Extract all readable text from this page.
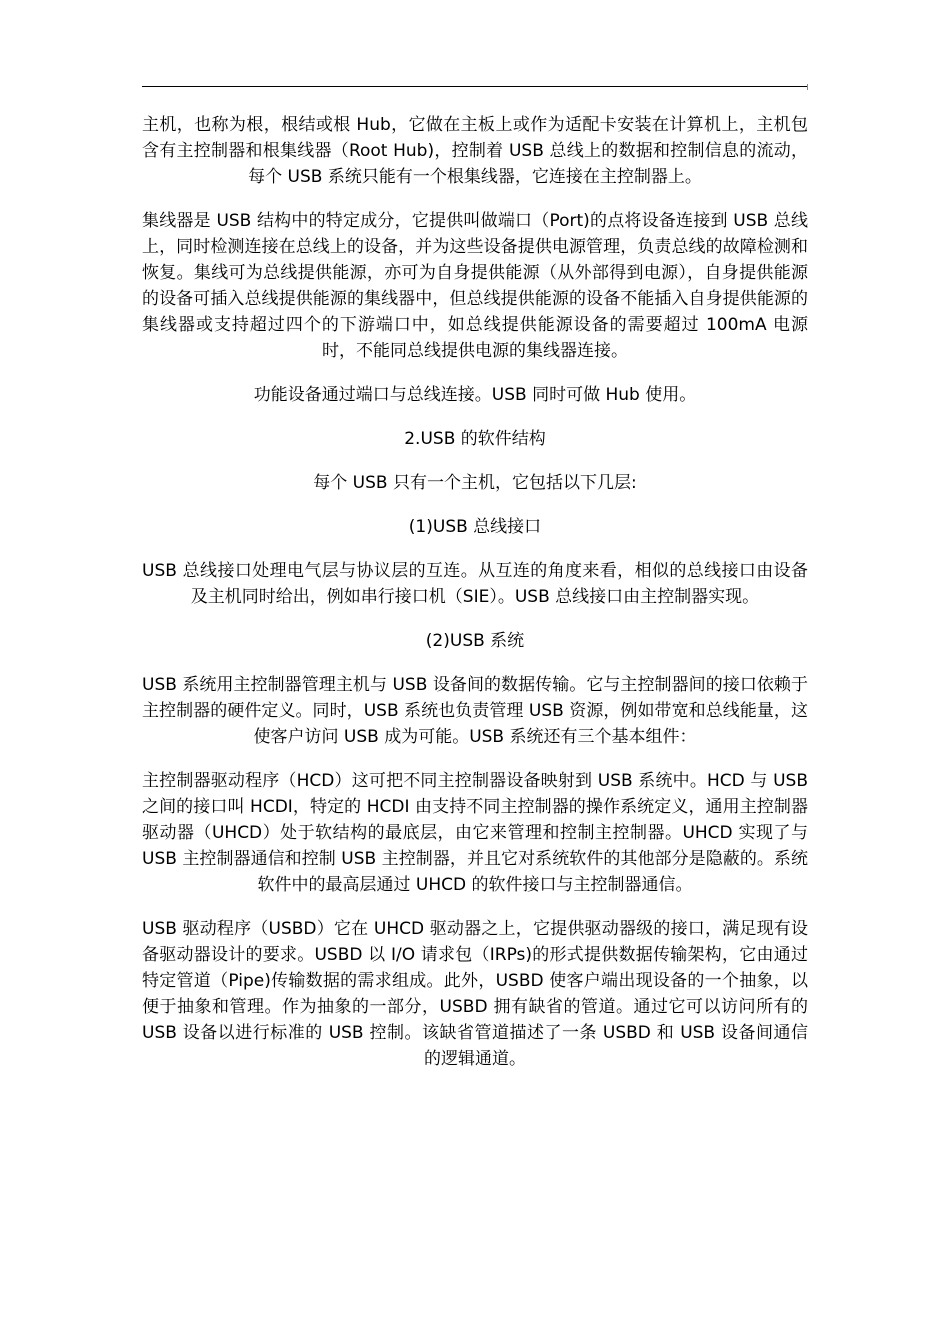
主机，也称为根，根结或根 Hub，它做在主板上或作为适配卡安装在计算机上，主机包含有主控制器和根集线器（Root Hub)，控制着 USB 总线上的数据和控制信息的流动，每个 USB 系统只能有一个根集线器，它连接在主控制器上。

集线器是 USB 结构中的特定成分，它提供叫做端口（Port)的点将设备连接到 USB 总线上，同时检测连接在总线上的设备，并为这些设备提供电源管理，负责总线的故障检测和恢复。集线可为总线提供能源，亦可为自身提供能源（从外部得到电源），自身提供能源的设备可插入总线提供能源的集线器中，但总线提供能源的设备不能插入自身提供能源的集线器或支持超过四个的下游端口中，如总线提供能源设备的需要超过 100mA 电源时，不能同总线提供电源的集线器连接。

功能设备通过端口与总线连接。USB 同时可做 Hub 使用。

2.USB 的软件结构

每个 USB 只有一个主机，它包括以下几层:

(1)USB 总线接口

USB 总线接口处理电气层与协议层的互连。从互连的角度来看，相似的总线接口由设备及主机同时给出，例如串行接口机（SIE）。USB 总线接口由主控制器实现。

(2)USB 系统

USB 系统用主控制器管理主机与 USB 设备间的数据传输。它与主控制器间的接口依赖于主控制器的硬件定义。同时，USB 系统也负责管理 USB 资源，例如带宽和总线能量，这使客户访问 USB 成为可能。USB 系统还有三个基本组件：

主控制器驱动程序（HCD）这可把不同主控制器设备映射到 USB 系统中。HCD 与 USB 之间的接口叫 HCDI，特定的 HCDI 由支持不同主控制器的操作系统定义，通用主控制器驱动器（UHCD）处于软结构的最底层，由它来管理和控制主控制器。UHCD 实现了与 USB 主控制器通信和控制 USB 主控制器，并且它对系统软件的其他部分是隐蔽的。系统软件中的最高层通过 UHCD 的软件接口与主控制器通信。

USB 驱动程序（USBD）它在 UHCD 驱动器之上，它提供驱动器级的接口，满足现有设备驱动器设计的要求。USBD 以 I/O 请求包（IRPs)的形式提供数据传输架构，它由通过特定管道（Pipe)传输数据的需求组成。此外，USBD 使客户端出现设备的一个抽象，以便于抽象和管理。作为抽象的一部分，USBD 拥有缺省的管道。通过它可以访问所有的 USB 设备以进行标准的 USB 控制。该缺省管道描述了一条 USBD 和 USB 设备间通信的逻辑通道。
